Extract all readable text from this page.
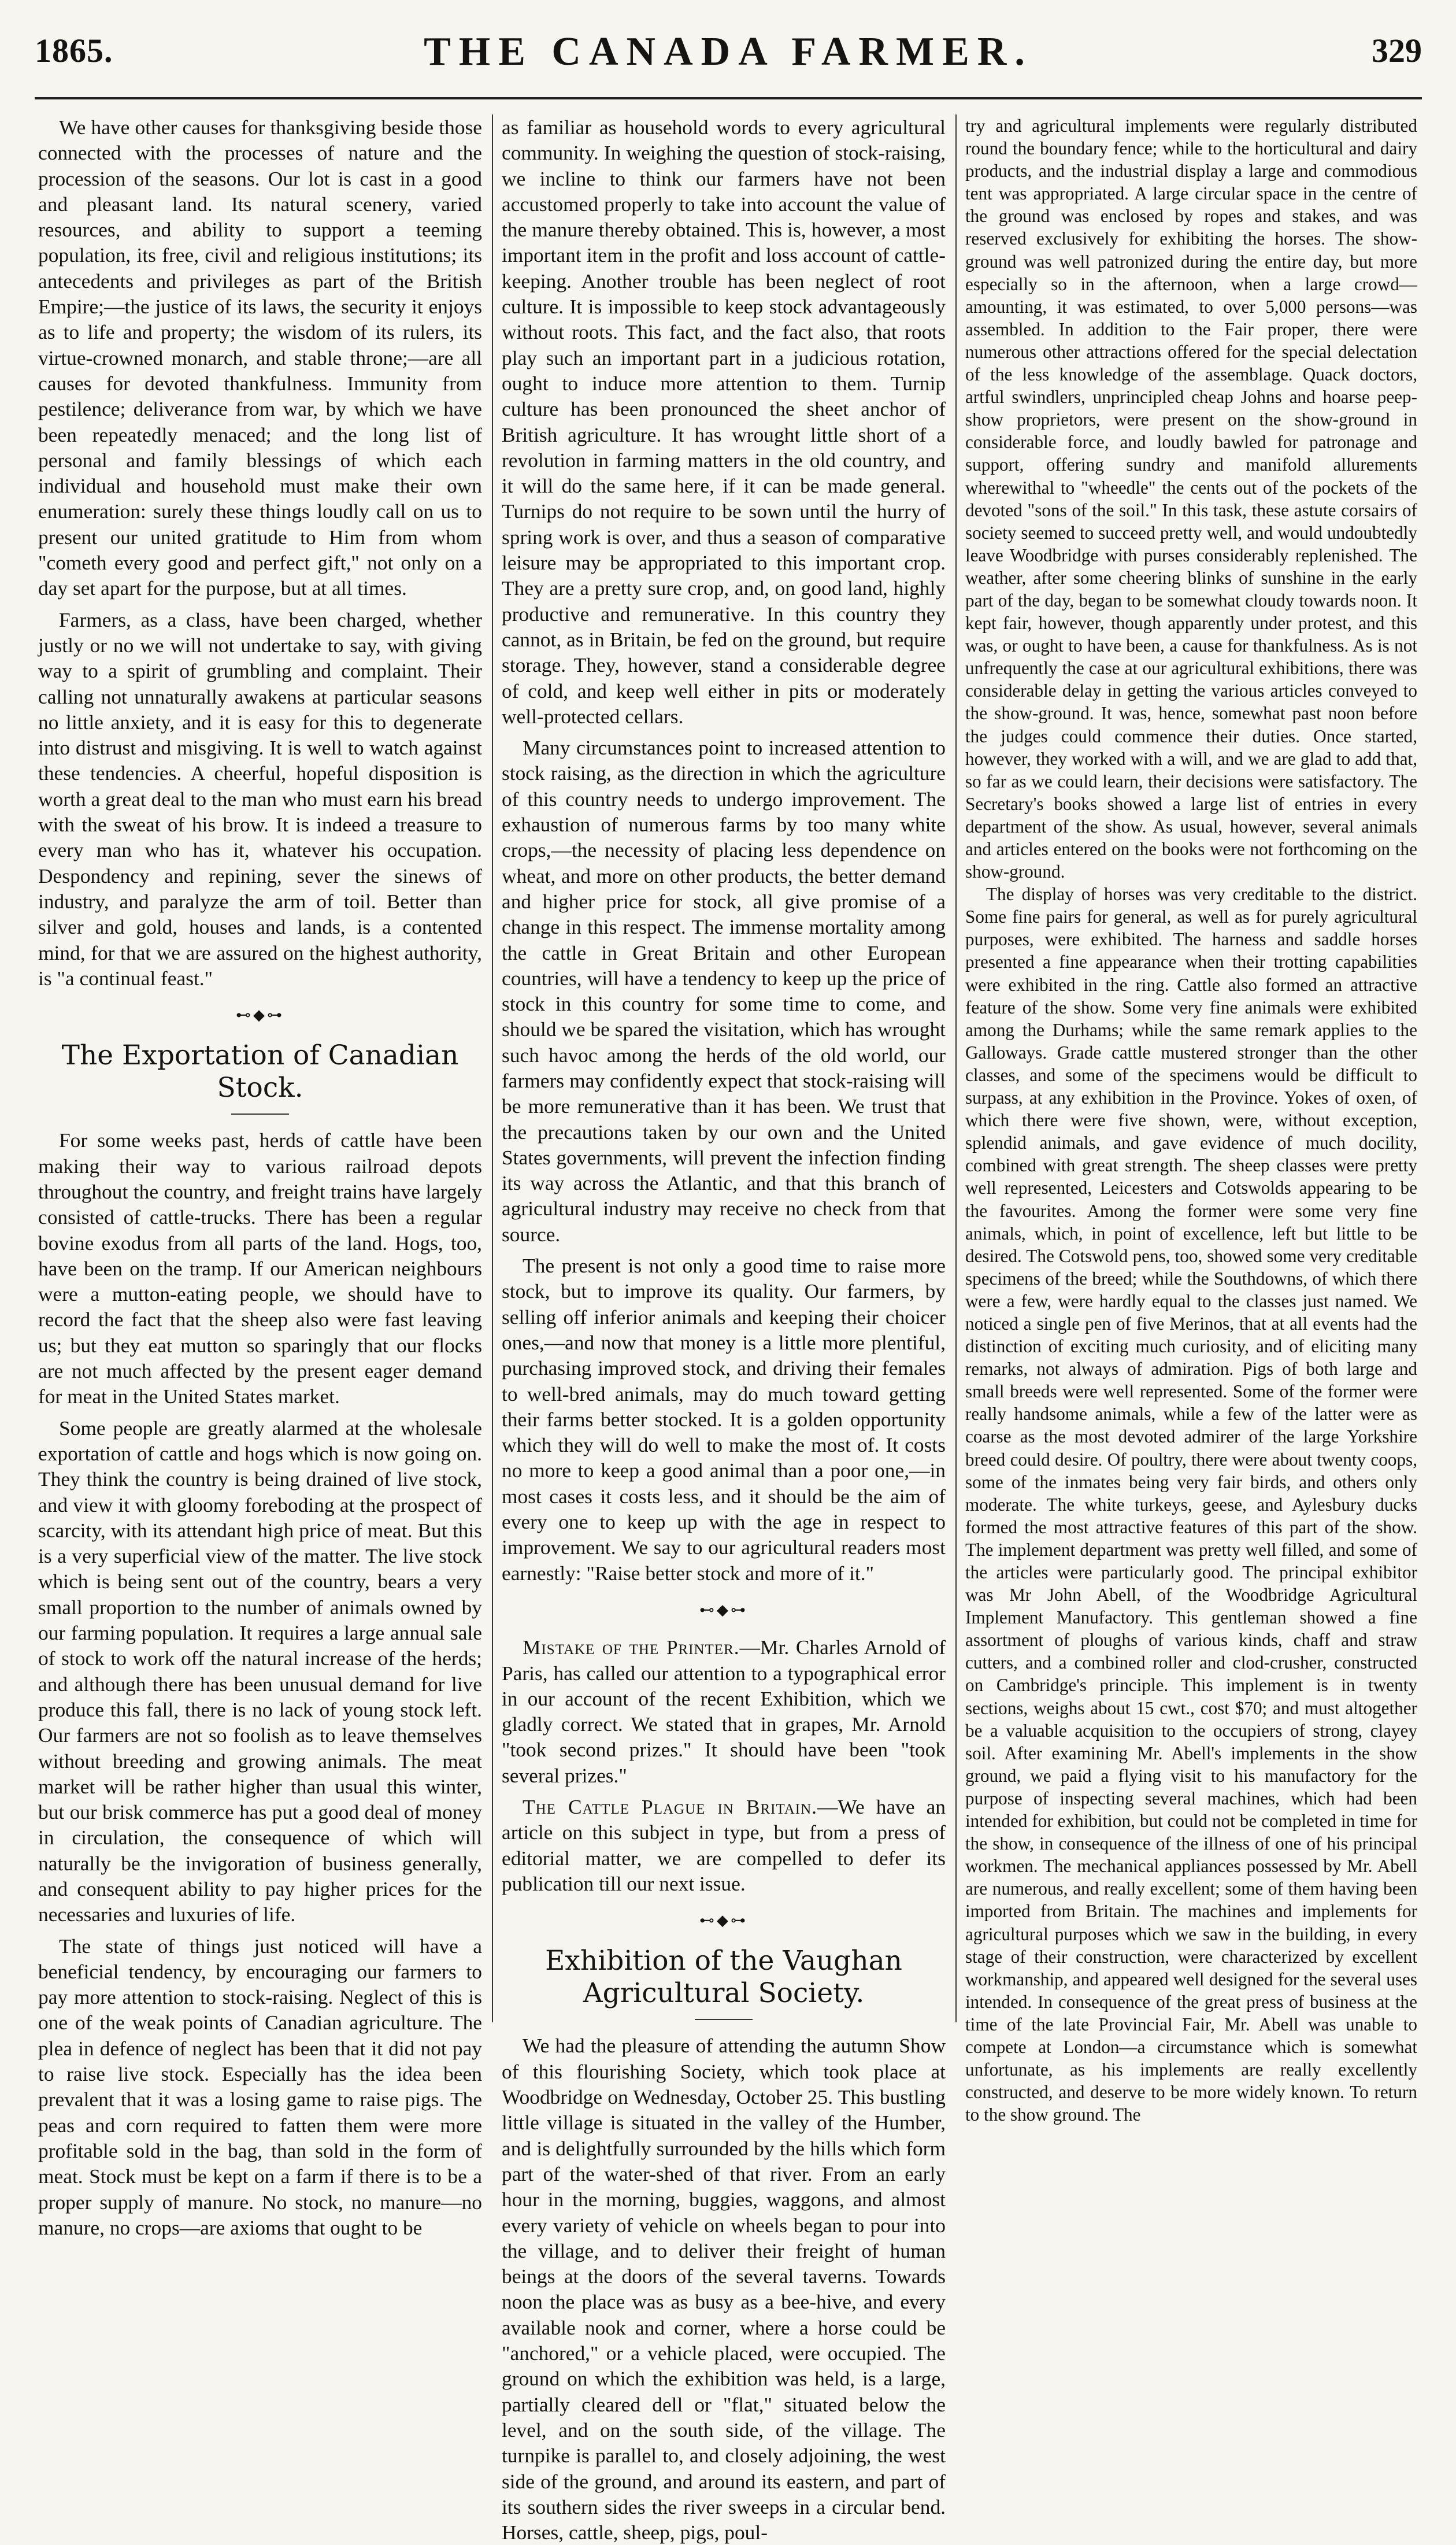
1865.	THE CANADA FARMER.	329

We have other causes for thanksgiving beside those connected with the processes of nature and the procession of the seasons. Our lot is cast in a good and pleasant land. Its natural scenery, varied resources, and ability to support a teeming population, its free, civil and religious institutions; its antecedents and privileges as part of the British Empire;—the justice of its laws, the security it enjoys as to life and property; the wisdom of its rulers, its virtue-crowned monarch, and stable throne;—are all causes for devoted thankfulness. Immunity from pestilence; deliverance from war, by which we have been repeatedly menaced; and the long list of personal and family blessings of which each individual and household must make their own enumeration: surely these things loudly call on us to present our united gratitude to Him from whom "cometh every good and perfect gift," not only on a day set apart for the purpose, but at all times.

Farmers, as a class, have been charged, whether justly or no we will not undertake to say, with giving way to a spirit of grumbling and complaint. Their calling not unnaturally awakens at particular seasons no little anxiety, and it is easy for this to degenerate into distrust and misgiving. It is well to watch against these tendencies. A cheerful, hopeful disposition is worth a great deal to the man who must earn his bread with the sweat of his brow. It is indeed a treasure to every man who has it, whatever his occupation. Despondency and repining, sever the sinews of industry, and paralyze the arm of toil. Better than silver and gold, houses and lands, is a contented mind, for that we are assured on the highest authority, is "a continual feast."

⊷◆⊶
The Exportation of Canadian Stock.

For some weeks past, herds of cattle have been making their way to various railroad depots throughout the country, and freight trains have largely consisted of cattle-trucks. There has been a regular bovine exodus from all parts of the land. Hogs, too, have been on the tramp. If our American neighbours were a mutton-eating people, we should have to record the fact that the sheep also were fast leaving us; but they eat mutton so sparingly that our flocks are not much affected by the present eager demand for meat in the United States market.

Some people are greatly alarmed at the wholesale exportation of cattle and hogs which is now going on. They think the country is being drained of live stock, and view it with gloomy foreboding at the prospect of scarcity, with its attendant high price of meat. But this is a very superficial view of the matter. The live stock which is being sent out of the country, bears a very small proportion to the number of animals owned by our farming population. It requires a large annual sale of stock to work off the natural increase of the herds; and although there has been unusual demand for live produce this fall, there is no lack of young stock left. Our farmers are not so foolish as to leave themselves without breeding and growing animals. The meat market will be rather higher than usual this winter, but our brisk commerce has put a good deal of money in circulation, the consequence of which will naturally be the invigoration of business generally, and consequent ability to pay higher prices for the necessaries and luxuries of life.

The state of things just noticed will have a beneficial tendency, by encouraging our farmers to pay more attention to stock-raising. Neglect of this is one of the weak points of Canadian agriculture. The plea in defence of neglect has been that it did not pay to raise live stock. Especially has the idea been prevalent that it was a losing game to raise pigs. The peas and corn required to fatten them were more profitable sold in the bag, than sold in the form of meat. Stock must be kept on a farm if there is to be a proper supply of manure. No stock, no manure—no manure, no crops—are axioms that ought to be

as familiar as household words to every agricultural community. In weighing the question of stock-raising, we incline to think our farmers have not been accustomed properly to take into account the value of the manure thereby obtained. This is, however, a most important item in the profit and loss account of cattle-keeping. Another trouble has been neglect of root culture. It is impossible to keep stock advantageously without roots. This fact, and the fact also, that roots play such an important part in a judicious rotation, ought to induce more attention to them. Turnip culture has been pronounced the sheet anchor of British agriculture. It has wrought little short of a revolution in farming matters in the old country, and it will do the same here, if it can be made general. Turnips do not require to be sown until the hurry of spring work is over, and thus a season of comparative leisure may be appropriated to this important crop. They are a pretty sure crop, and, on good land, highly productive and remunerative. In this country they cannot, as in Britain, be fed on the ground, but require storage. They, however, stand a considerable degree of cold, and keep well either in pits or moderately well-protected cellars.

Many circumstances point to increased attention to stock raising, as the direction in which the agriculture of this country needs to undergo improvement. The exhaustion of numerous farms by too many white crops,—the necessity of placing less dependence on wheat, and more on other products, the better demand and higher price for stock, all give promise of a change in this respect. The immense mortality among the cattle in Great Britain and other European countries, will have a tendency to keep up the price of stock in this country for some time to come, and should we be spared the visitation, which has wrought such havoc among the herds of the old world, our farmers may confidently expect that stock-raising will be more remunerative than it has been. We trust that the precautions taken by our own and the United States governments, will prevent the infection finding its way across the Atlantic, and that this branch of agricultural industry may receive no check from that source.

The present is not only a good time to raise more stock, but to improve its quality. Our farmers, by selling off inferior animals and keeping their choicer ones,—and now that money is a little more plentiful, purchasing improved stock, and driving their females to well-bred animals, may do much toward getting their farms better stocked. It is a golden opportunity which they will do well to make the most of. It costs no more to keep a good animal than a poor one,—in most cases it costs less, and it should be the aim of every one to keep up with the age in respect to improvement. We say to our agricultural readers most earnestly: "Raise better stock and more of it."

⊷◆⊶

Mistake of the Printer.—Mr. Charles Arnold of Paris, has called our attention to a typographical error in our account of the recent Exhibition, which we gladly correct. We stated that in grapes, Mr. Arnold "took second prizes." It should have been "took several prizes."

The Cattle Plague in Britain.—We have an article on this subject in type, but from a press of editorial matter, we are compelled to defer its publication till our next issue.

⊷◆⊶
Exhibition of the Vaughan Agricultural Society.

We had the pleasure of attending the autumn Show of this flourishing Society, which took place at Woodbridge on Wednesday, October 25. This bustling little village is situated in the valley of the Humber, and is delightfully surrounded by the hills which form part of the water-shed of that river. From an early hour in the morning, buggies, waggons, and almost every variety of vehicle on wheels began to pour into the village, and to deliver their freight of human beings at the doors of the several taverns. Towards noon the place was as busy as a bee-hive, and every available nook and corner, where a horse could be "anchored," or a vehicle placed, were occupied. The ground on which the exhibition was held, is a large, partially cleared dell or "flat," situated below the level, and on the south side, of the village. The turnpike is parallel to, and closely adjoining, the west side of the ground, and around its eastern, and part of its southern sides the river sweeps in a circular bend. Horses, cattle, sheep, pigs, poul-

try and agricultural implements were regularly distributed round the boundary fence; while to the horticultural and dairy products, and the industrial display a large and commodious tent was appropriated. A large circular space in the centre of the ground was enclosed by ropes and stakes, and was reserved exclusively for exhibiting the horses. The show-ground was well patronized during the entire day, but more especially so in the afternoon, when a large crowd—amounting, it was estimated, to over 5,000 persons—was assembled. In addition to the Fair proper, there were numerous other attractions offered for the special delectation of the less knowledge of the assemblage. Quack doctors, artful swindlers, unprincipled cheap Johns and hoarse peep-show proprietors, were present on the show-ground in considerable force, and loudly bawled for patronage and support, offering sundry and manifold allurements wherewithal to "wheedle" the cents out of the pockets of the devoted "sons of the soil." In this task, these astute corsairs of society seemed to succeed pretty well, and would undoubtedly leave Woodbridge with purses considerably replenished. The weather, after some cheering blinks of sunshine in the early part of the day, began to be somewhat cloudy towards noon. It kept fair, however, though apparently under protest, and this was, or ought to have been, a cause for thankfulness. As is not unfrequently the case at our agricultural exhibitions, there was considerable delay in getting the various articles conveyed to the show-ground. It was, hence, somewhat past noon before the judges could commence their duties. Once started, however, they worked with a will, and we are glad to add that, so far as we could learn, their decisions were satisfactory. The Secretary's books showed a large list of entries in every department of the show. As usual, however, several animals and articles entered on the books were not forthcoming on the show-ground.

The display of horses was very creditable to the district. Some fine pairs for general, as well as for purely agricultural purposes, were exhibited. The harness and saddle horses presented a fine appearance when their trotting capabilities were exhibited in the ring. Cattle also formed an attractive feature of the show. Some very fine animals were exhibited among the Durhams; while the same remark applies to the Galloways. Grade cattle mustered stronger than the other classes, and some of the specimens would be difficult to surpass, at any exhibition in the Province. Yokes of oxen, of which there were five shown, were, without exception, splendid animals, and gave evidence of much docility, combined with great strength. The sheep classes were pretty well represented, Leicesters and Cotswolds appearing to be the favourites. Among the former were some very fine animals, which, in point of excellence, left but little to be desired. The Cotswold pens, too, showed some very creditable specimens of the breed; while the Southdowns, of which there were a few, were hardly equal to the classes just named. We noticed a single pen of five Merinos, that at all events had the distinction of exciting much curiosity, and of eliciting many remarks, not always of admiration. Pigs of both large and small breeds were well represented. Some of the former were really handsome animals, while a few of the latter were as coarse as the most devoted admirer of the large Yorkshire breed could desire. Of poultry, there were about twenty coops, some of the inmates being very fair birds, and others only moderate. The white turkeys, geese, and Aylesbury ducks formed the most attractive features of this part of the show. The implement department was pretty well filled, and some of the articles were particularly good. The principal exhibitor was Mr John Abell, of the Woodbridge Agricultural Implement Manufactory. This gentleman showed a fine assortment of ploughs of various kinds, chaff and straw cutters, and a combined roller and clod-crusher, constructed on Cambridge's principle. This implement is in twenty sections, weighs about 15 cwt., cost $70; and must altogether be a valuable acquisition to the occupiers of strong, clayey soil. After examining Mr. Abell's implements in the show ground, we paid a flying visit to his manufactory for the purpose of inspecting several machines, which had been intended for exhibition, but could not be completed in time for the show, in consequence of the illness of one of his principal workmen. The mechanical appliances possessed by Mr. Abell are numerous, and really excellent; some of them having been imported from Britain. The machines and implements for agricultural purposes which we saw in the building, in every stage of their construction, were characterized by excellent workmanship, and appeared well designed for the several uses intended. In consequence of the great press of business at the time of the late Provincial Fair, Mr. Abell was unable to compete at London—a circumstance which is somewhat unfortunate, as his implements are really excellently constructed, and deserve to be more widely known. To return to the show ground. The
